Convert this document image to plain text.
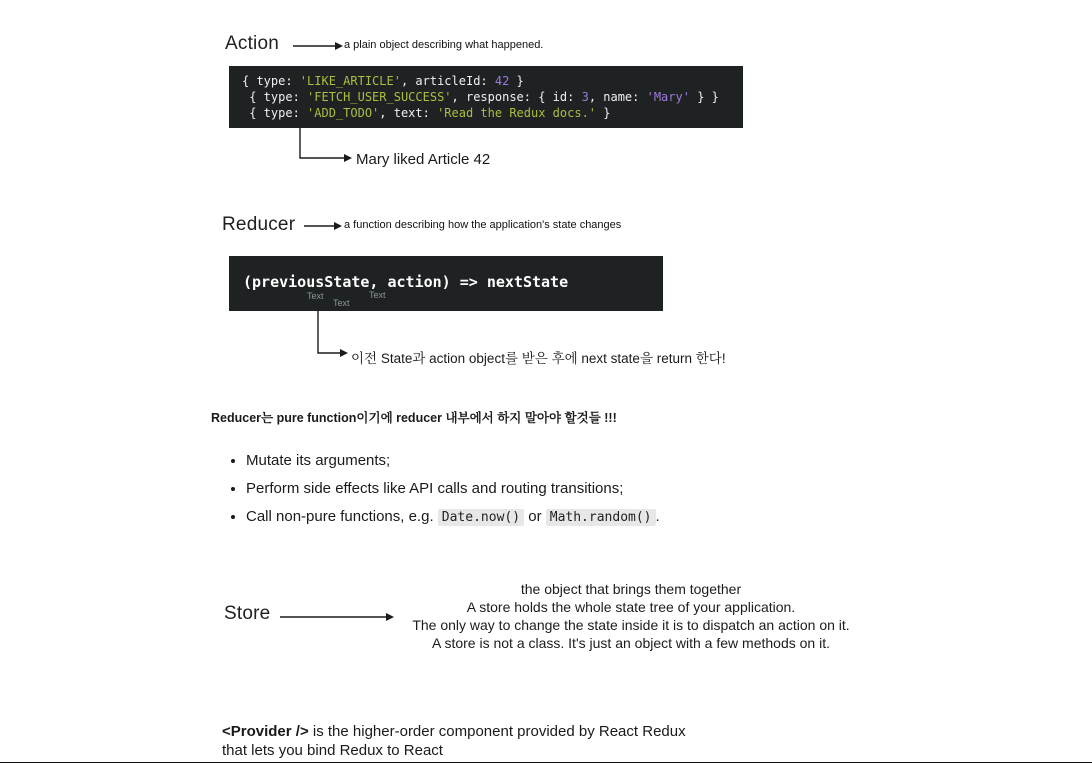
Action	a plain object describing what happened.
{ type: 'LIKE_ARTICLE', articleId: 42 }
{ type: 'FETCH_USER_SUCCESS', response: { id: 3, name: 'Mary' } }
{ type: 'ADD_TODO', text: 'Read the Redux docs.' }
Mary liked Article 42
Reducer	a function describing how the application's state changes
(previousState, action) => nextState
Text
Text
Text
이전 State과 action object를 받은 후에 next state을 return 한다!
Reducer는 pure function이기에 reducer 내부에서 하지 말아야 할것들 !!!
• Mutate its arguments;
• Perform side effects like API calls and routing transitions;
• Call non-pure functions, e.g. Date.now() or Math.random() .
Store
the object that brings them together
A store holds the whole state tree of your application.
The only way to change the state inside it is to dispatch an action on it.
A store is not a class. It's just an object with a few methods on it.
<Provider /> is the higher-order component provided by React Redux
that lets you bind Redux to React
